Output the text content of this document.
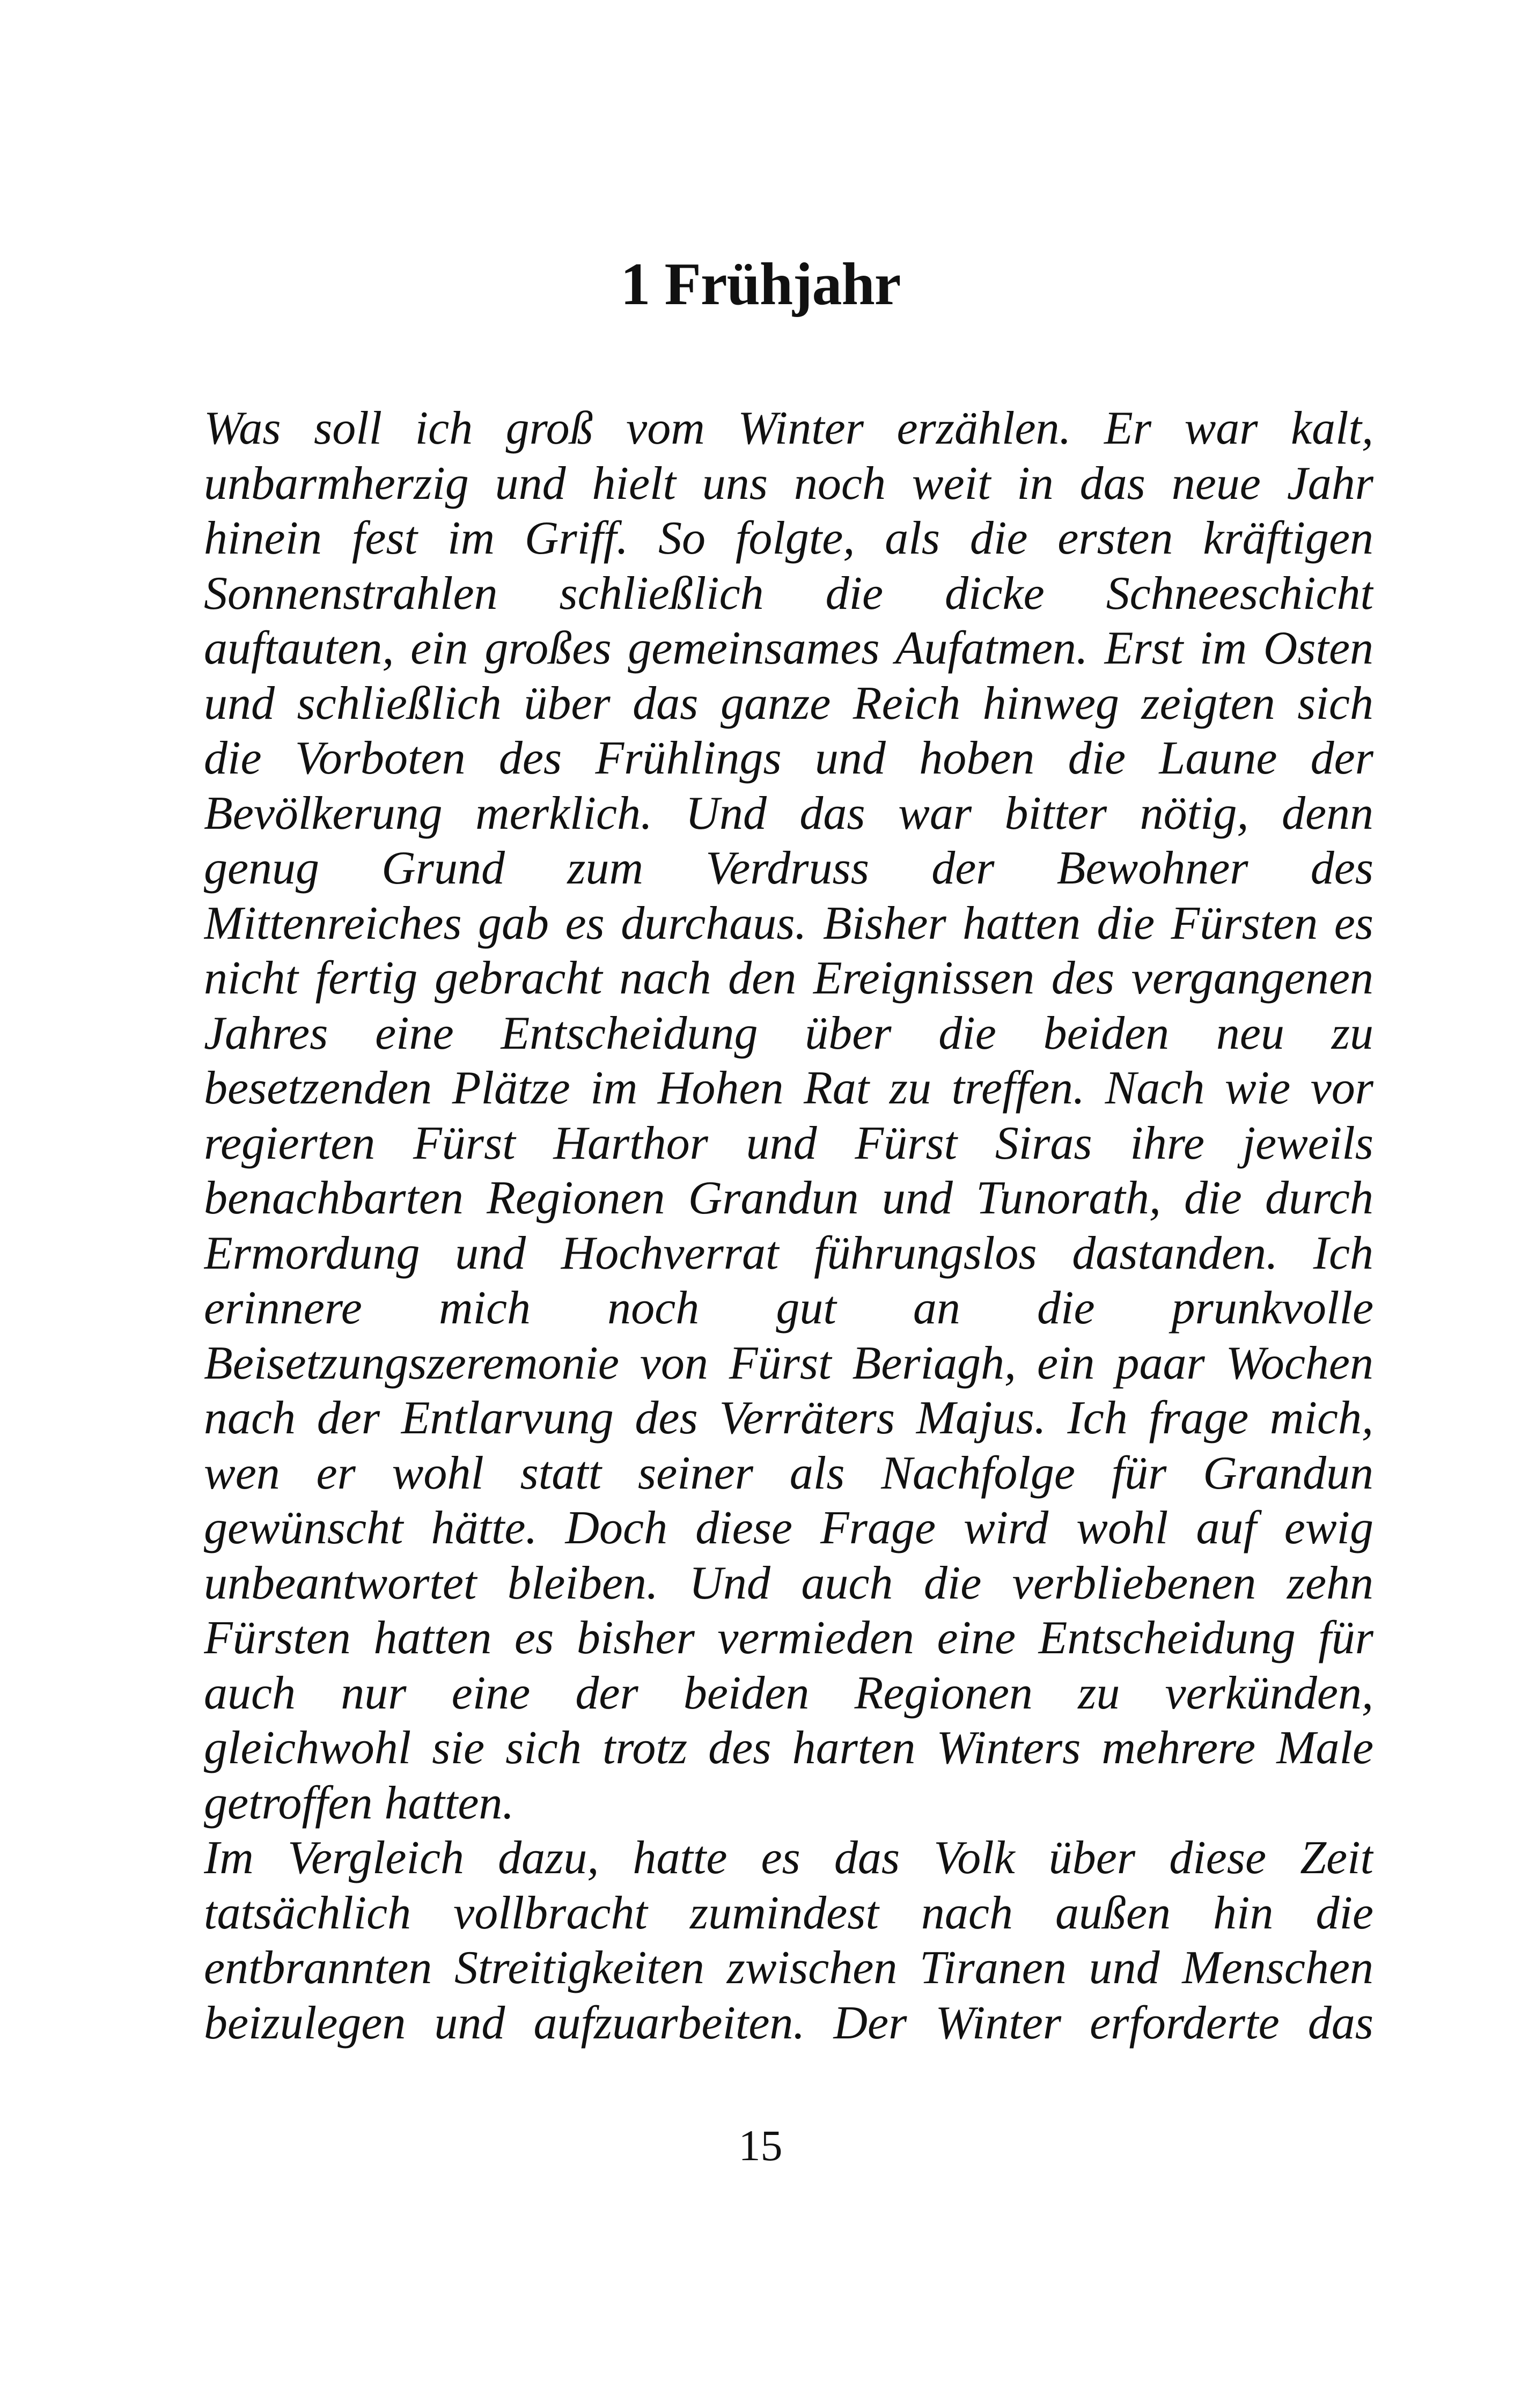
1 Frühjahr
Was soll ich groß vom Winter erzählen. Er war kalt,
unbarmherzig und hielt uns noch weit in das neue Jahr
hinein fest im Griff. So folgte, als die ersten kräftigen
Sonnenstrahlen schließlich die dicke Schneeschicht
auftauten, ein großes gemeinsames Aufatmen. Erst im Osten
und schließlich über das ganze Reich hinweg zeigten sich
die Vorboten des Frühlings und hoben die Laune der
Bevölkerung merklich. Und das war bitter nötig, denn
genug Grund zum Verdruss der Bewohner des
Mittenreiches gab es durchaus. Bisher hatten die Fürsten es
nicht fertig gebracht nach den Ereignissen des vergangenen
Jahres eine Entscheidung über die beiden neu zu
besetzenden Plätze im Hohen Rat zu treffen. Nach wie vor
regierten Fürst Harthor und Fürst Siras ihre jeweils
benachbarten Regionen Grandun und Tunorath, die durch
Ermordung und Hochverrat führungslos dastanden. Ich
erinnere mich noch gut an die prunkvolle
Beisetzungszeremonie von Fürst Beriagh, ein paar Wochen
nach der Entlarvung des Verräters Majus. Ich frage mich,
wen er wohl statt seiner als Nachfolge für Grandun
gewünscht hätte. Doch diese Frage wird wohl auf ewig
unbeantwortet bleiben. Und auch die verbliebenen zehn
Fürsten hatten es bisher vermieden eine Entscheidung für
auch nur eine der beiden Regionen zu verkünden,
gleichwohl sie sich trotz des harten Winters mehrere Male
getroffen hatten.
Im Vergleich dazu, hatte es das Volk über diese Zeit
tatsächlich vollbracht zumindest nach außen hin die
entbrannten Streitigkeiten zwischen Tiranen und Menschen
beizulegen und aufzuarbeiten. Der Winter erforderte das
15
